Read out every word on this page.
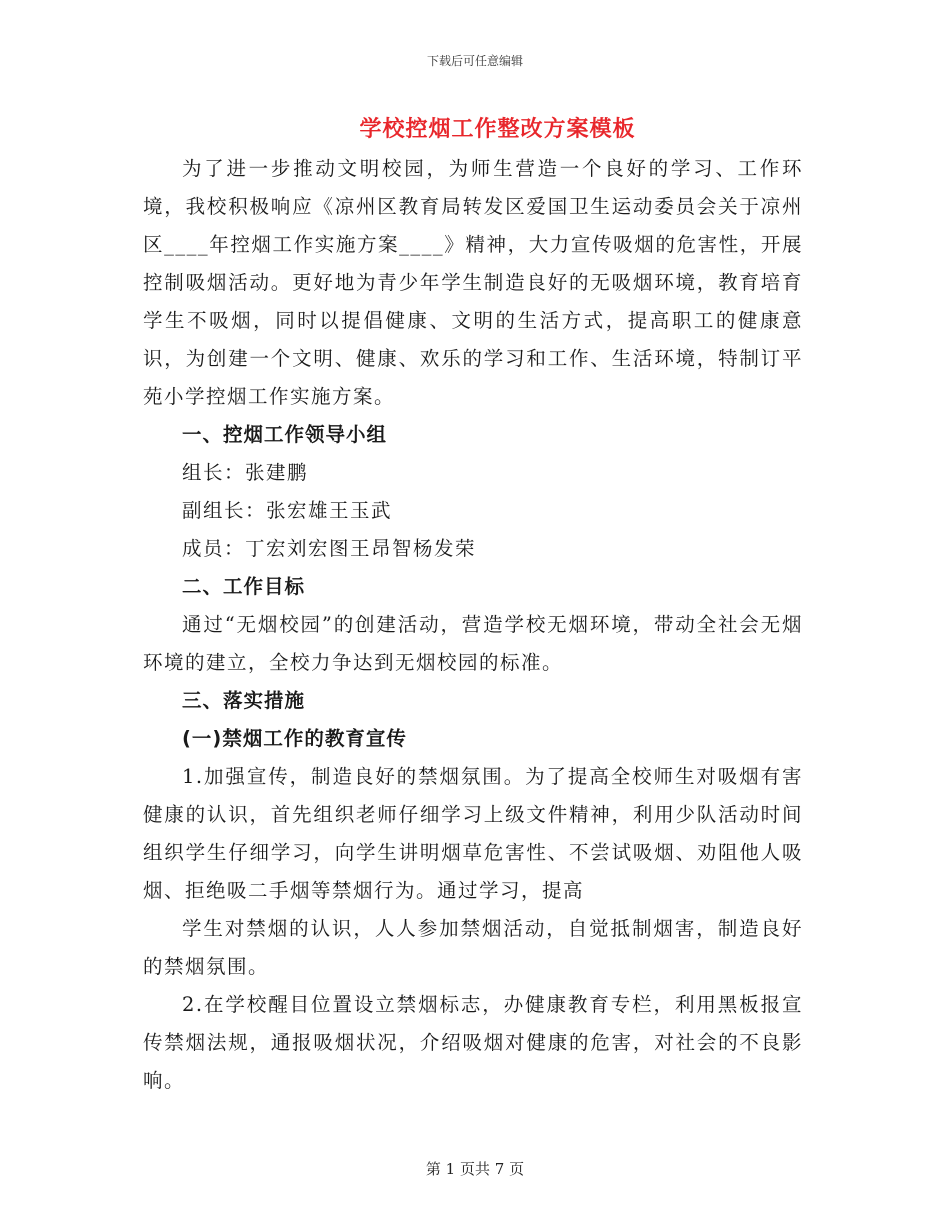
下载后可任意编辑
学校控烟工作整改方案模板

为了进一步推动文明校园，为师生营造一个良好的学习、工作环境，我校积极响应《凉州区教育局转发区爱国卫生运动委员会关于凉州区____年控烟工作实施方案____》精神，大力宣传吸烟的危害性，开展控制吸烟活动。更好地为青少年学生制造良好的无吸烟环境，教育培育学生不吸烟，同时以提倡健康、文明的生活方式，提高职工的健康意识，为创建一个文明、健康、欢乐的学习和工作、生活环境，特制订平苑小学控烟工作实施方案。

一、控烟工作领导小组

组长：张建鹏

副组长：张宏雄王玉武

成员：丁宏刘宏图王昂智杨发荣

二、工作目标

通过“无烟校园”的创建活动，营造学校无烟环境，带动全社会无烟环境的建立，全校力争达到无烟校园的标准。

三、落实措施

(一)禁烟工作的教育宣传

1.加强宣传，制造良好的禁烟氛围。为了提高全校师生对吸烟有害健康的认识，首先组织老师仔细学习上级文件精神，利用少队活动时间组织学生仔细学习，向学生讲明烟草危害性、不尝试吸烟、劝阻他人吸烟、拒绝吸二手烟等禁烟行为。通过学习，提高

学生对禁烟的认识，人人参加禁烟活动，自觉抵制烟害，制造良好的禁烟氛围。

2.在学校醒目位置设立禁烟标志，办健康教育专栏，利用黑板报宣传禁烟法规，通报吸烟状况，介绍吸烟对健康的危害，对社会的不良影响。

第 1 页共 7 页
